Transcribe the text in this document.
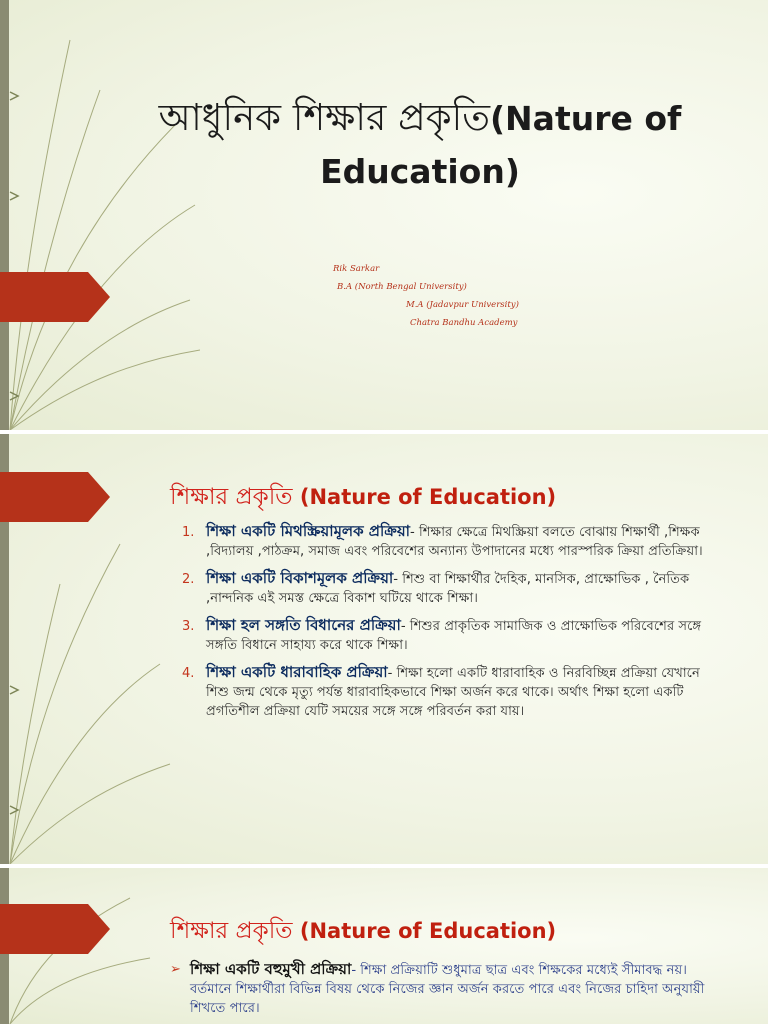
আধুনিক শিক্ষার প্রকৃতি(Nature of Education)
Rik Sarkar
B.A (North Bengal University)
M.A (Jadavpur University)
Chatra Bandhu Academy
শিক্ষার প্রকৃতি (Nature of Education)
1. শিক্ষা একটি মিথস্ক্রিয়ামূলক প্রক্রিয়া- শিক্ষার ক্ষেত্রে মিথস্ক্রিয়া বলতে বোঝায় শিক্ষার্থী ,শিক্ষক ,বিদ্যালয় ,পাঠক্রম, সমাজ এবং পরিবেশের অন্যান্য উপাদানের মধ্যে পারস্পরিক ক্রিয়া প্রতিক্রিয়া।
2. শিক্ষা একটি বিকাশমূলক প্রক্রিয়া- শিশু বা শিক্ষার্থীর দৈহিক, মানসিক, প্রাক্ষোভিক , নৈতিক ,নান্দনিক এই সমস্ত ক্ষেত্রে বিকাশ ঘটিয়ে থাকে শিক্ষা।
3. শিক্ষা হল সঙ্গতি বিধানের প্রক্রিয়া- শিশুর প্রাকৃতিক সামাজিক ও প্রাক্ষোভিক পরিবেশের সঙ্গে সঙ্গতি বিধানে সাহায্য করে থাকে শিক্ষা।
4. শিক্ষা একটি ধারাবাহিক প্রক্রিয়া- শিক্ষা হলো একটি ধারাবাহিক ও নিরবিচ্ছিন্ন প্রক্রিয়া যেখানে শিশু জন্ম থেকে মৃত্যু পর্যন্ত ধারাবাহিকভাবে শিক্ষা অর্জন করে থাকে। অর্থাৎ শিক্ষা হলো একটি প্রগতিশীল প্রক্রিয়া যেটি সময়ের সঙ্গে সঙ্গে পরিবর্তন করা যায়।
শিক্ষার প্রকৃতি (Nature of Education)
➢ শিক্ষা একটি বহুমুখী প্রক্রিয়া- শিক্ষা প্রক্রিয়াটি শুধুমাত্র ছাত্র এবং শিক্ষকের মধ্যেই সীমাবদ্ধ নয়। বর্তমানে শিক্ষার্থীরা বিভিন্ন বিষয় থেকে নিজের জ্ঞান অর্জন করতে পারে এবং নিজের চাহিদা অনুযায়ী শিখতে পারে।
